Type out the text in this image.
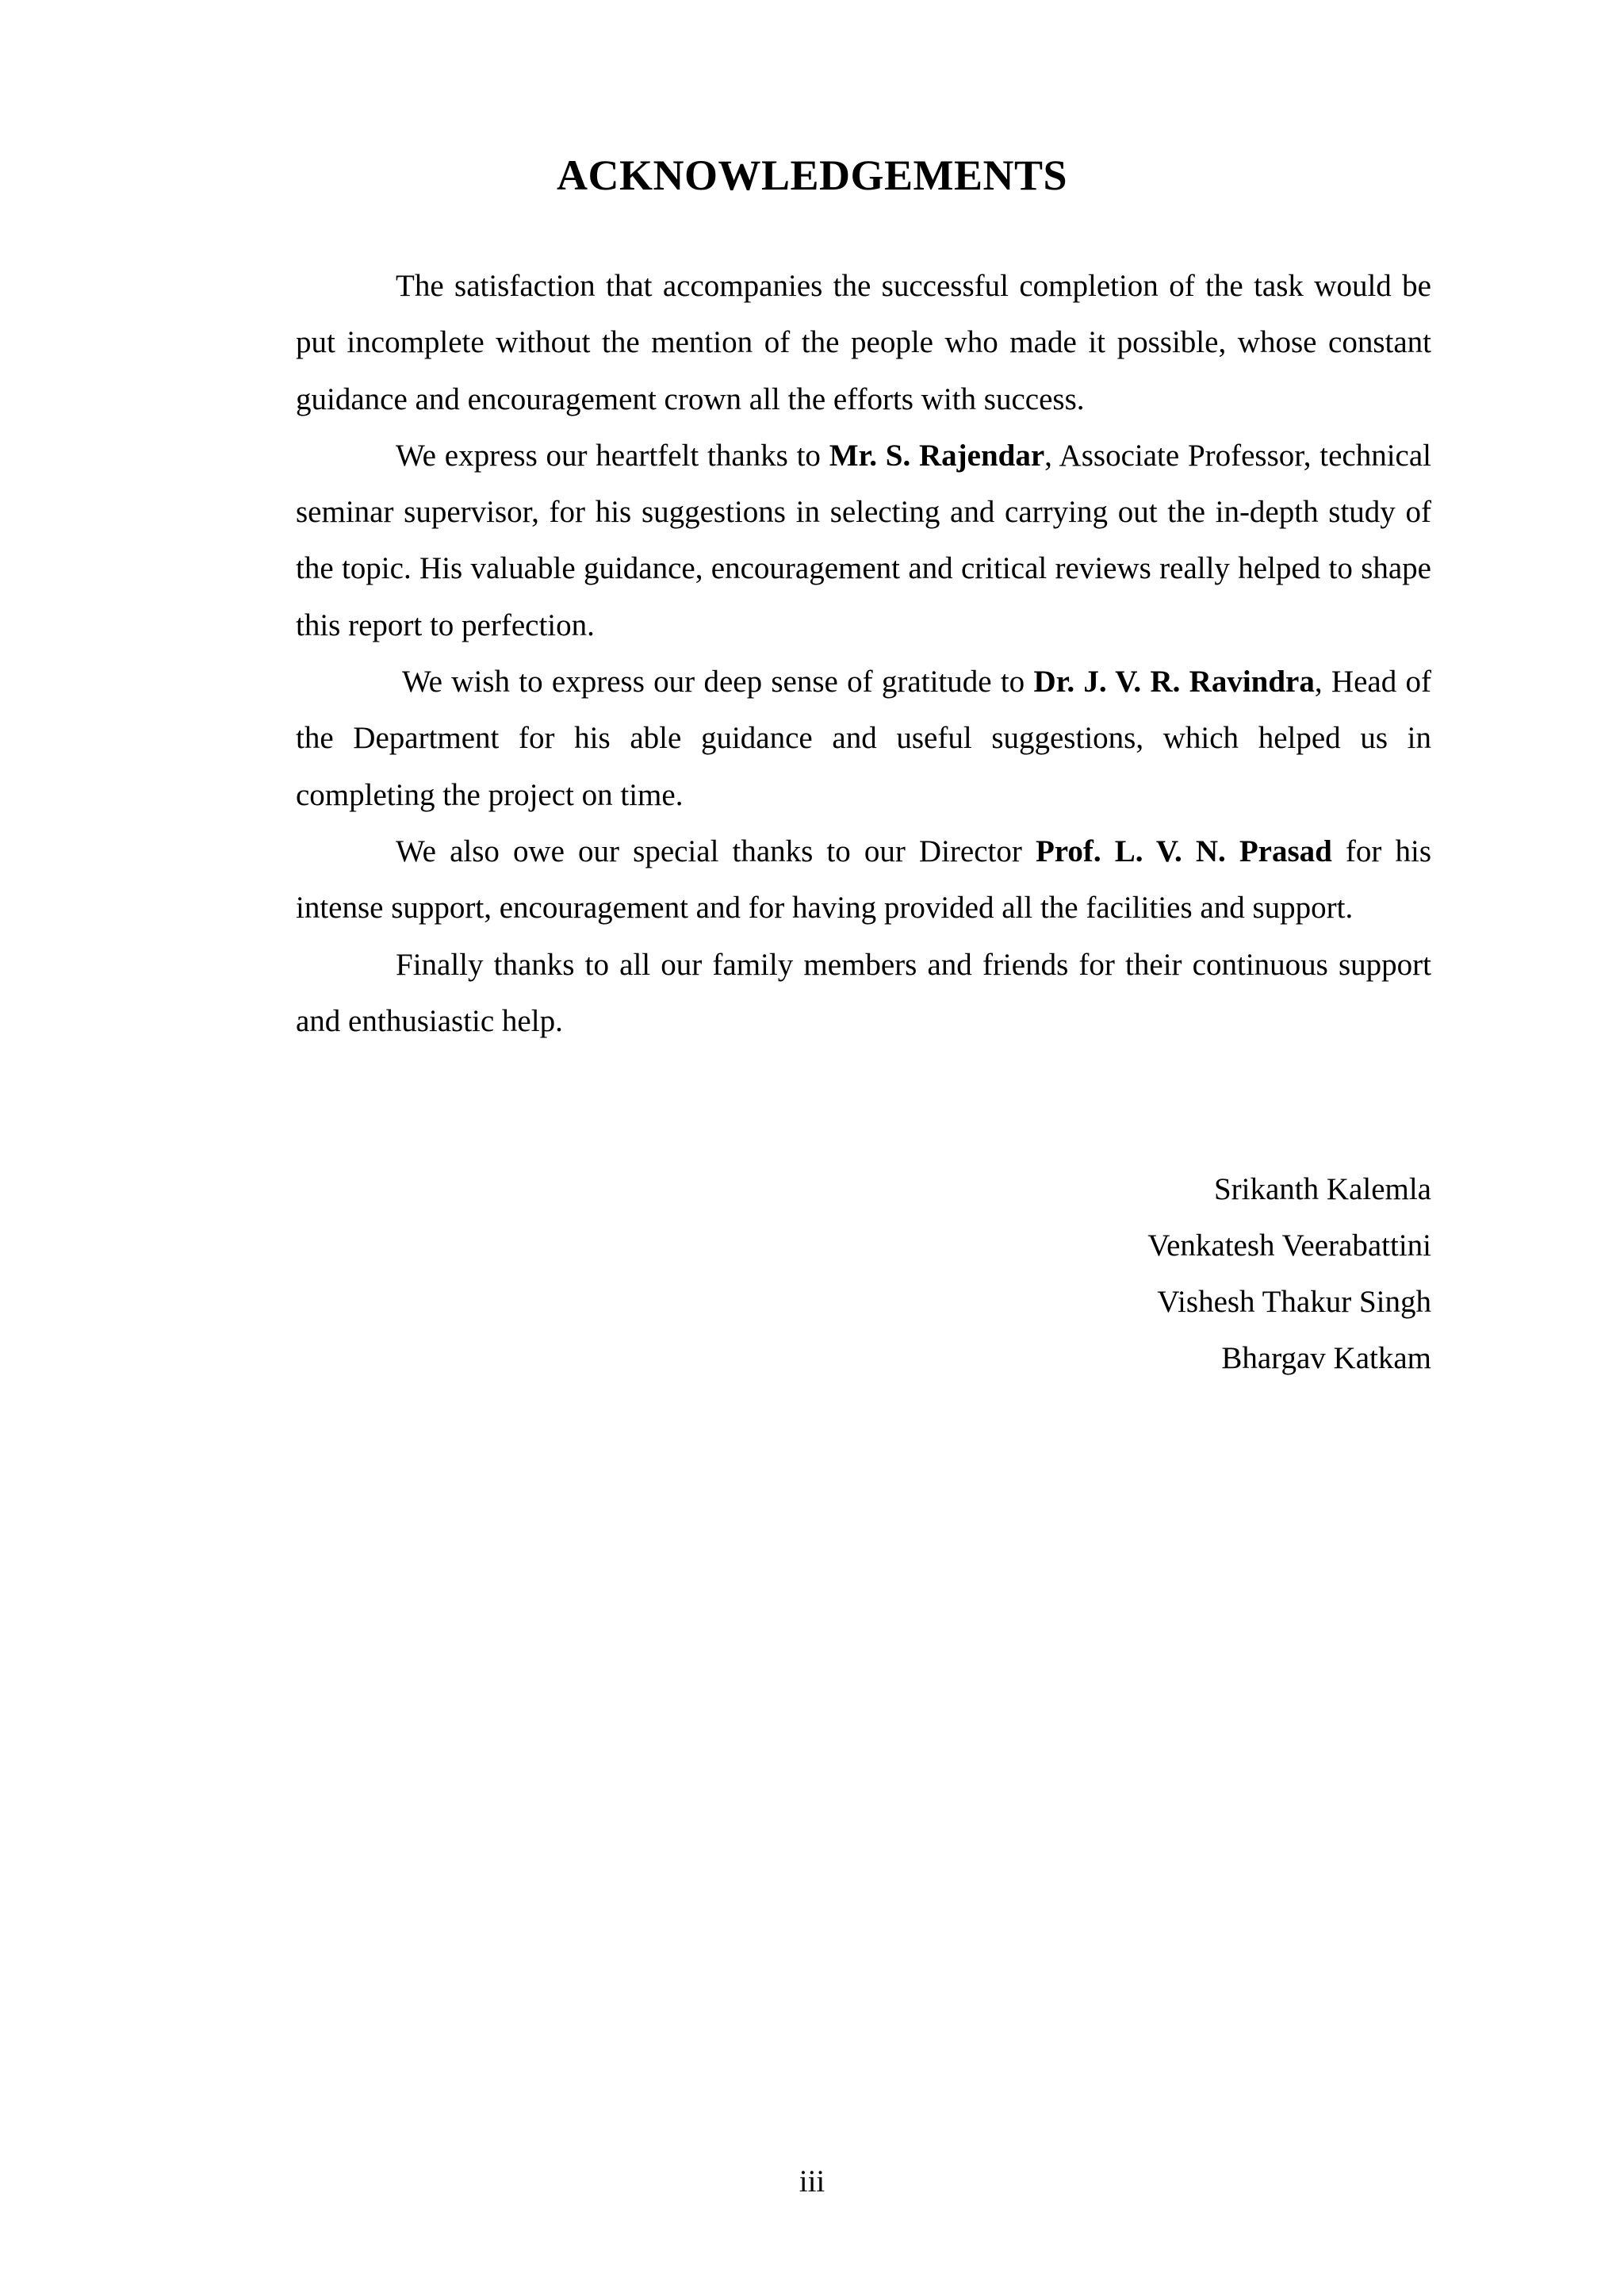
ACKNOWLEDGEMENTS

The satisfaction that accompanies the successful completion of the task would be put incomplete without the mention of the people who made it possible, whose constant guidance and encouragement crown all the efforts with success.

We express our heartfelt thanks to Mr. S. Rajendar, Associate Professor, technical seminar supervisor, for his suggestions in selecting and carrying out the in-depth study of the topic. His valuable guidance, encouragement and critical reviews really helped to shape this report to perfection.

We wish to express our deep sense of gratitude to Dr. J. V. R. Ravindra, Head of the Department for his able guidance and useful suggestions, which helped us in completing the project on time.

We also owe our special thanks to our Director Prof. L. V. N. Prasad for his intense support, encouragement and for having provided all the facilities and support.

Finally thanks to all our family members and friends for their continuous support and enthusiastic help.

Srikanth Kalemla
Venkatesh Veerabattini
Vishesh Thakur Singh
Bhargav Katkam
iii
